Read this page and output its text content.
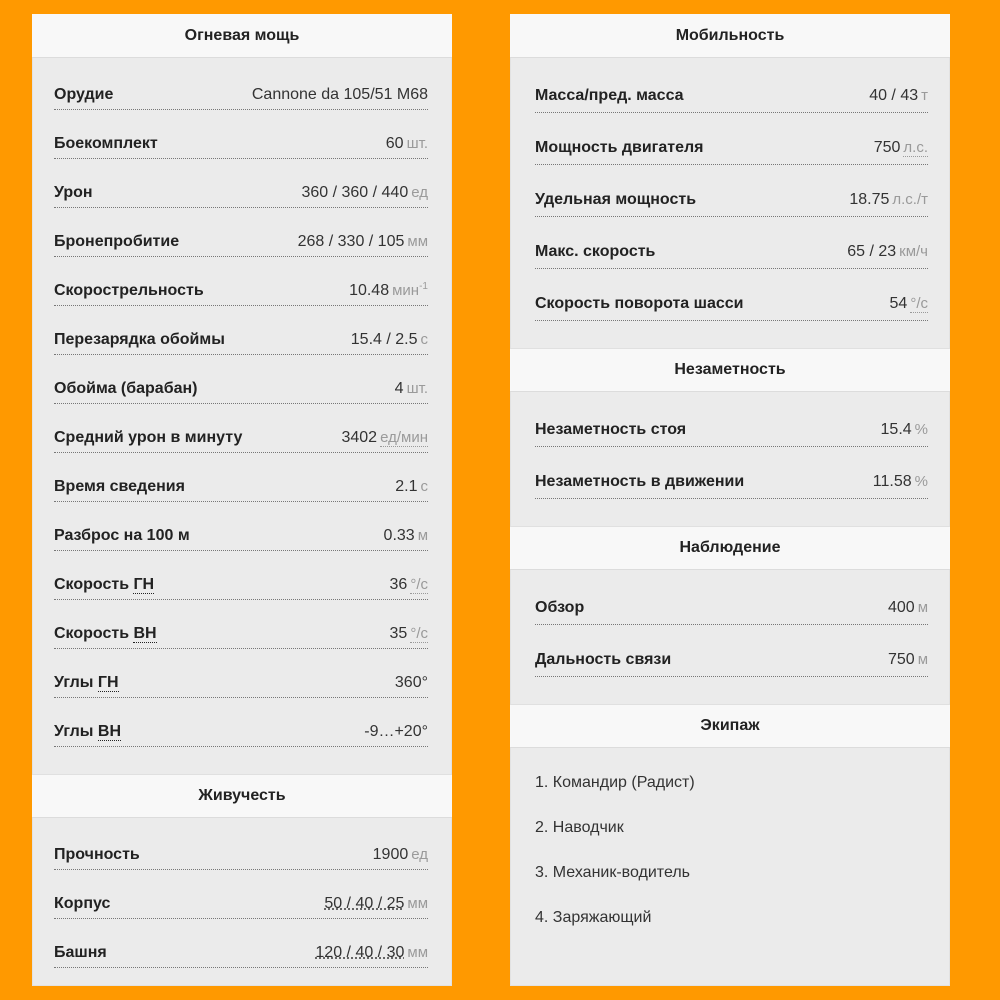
Огневая мощь
Орудие	Cannone da 105/51 M68
Боекомплект	60 шт.
Урон	360 / 360 / 440 ед
Бронепробитие	268 / 330 / 105 мм
Скорострельность	10.48 мин$^{-1}$
Перезарядка обоймы	15.4 / 2.5 с
Обойма (барабан)	4 шт.
Средний урон в минуту	3402 ед/мин
Время сведения	2.1 с
Разброс на 100 м	0.33 м
Скорость ГН	36 °/c
Скорость ВН	35 °/c
Углы ГН	360°
Углы ВН	-9…+20°
Живучесть
Прочность	1900 ед
Корпус	50 / 40 / 25 мм
Башня	120 / 40 / 30 мм
Мобильность
Масса/пред. масса	40 / 43 т
Мощность двигателя	750 л.с.
Удельная мощность	18.75 л.с./т
Макс. скорость	65 / 23 км/ч
Скорость поворота шасси	54 °/c
Незаметность
Незаметность стоя	15.4 %
Незаметность в движении	11.58 %
Наблюдение
Обзор	400 м
Дальность связи	750 м
Экипаж
1. Командир (Радист)
2. Наводчик
3. Механик-водитель
4. Заряжающий
